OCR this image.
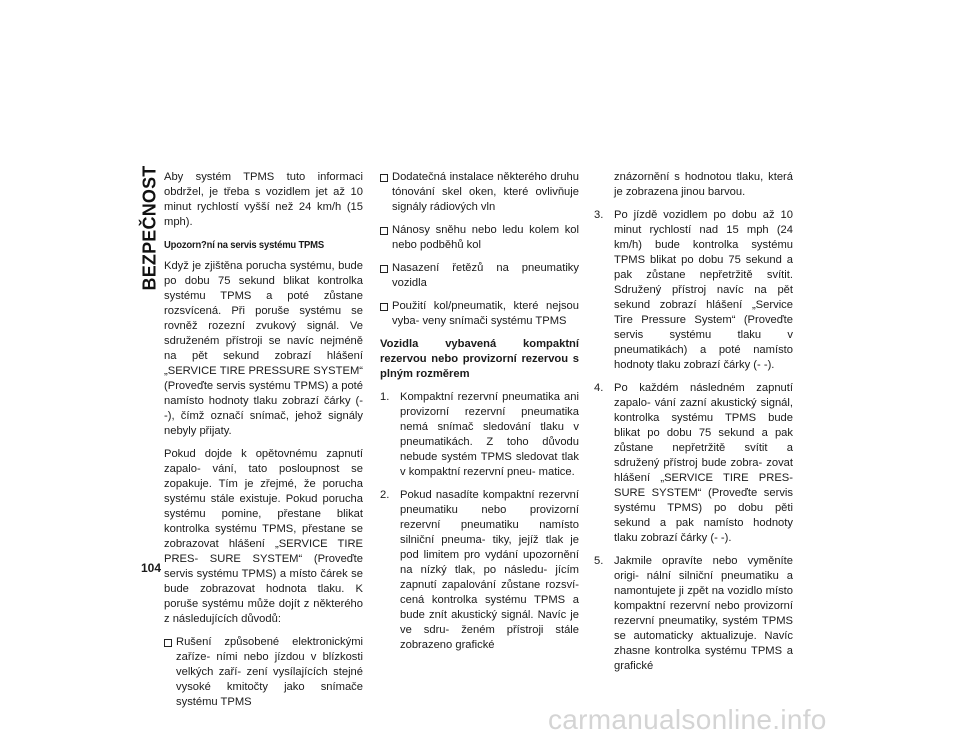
BEZPEČNOST
104

Aby systém TPMS tuto informaci obdržel, je třeba s vozidlem jet až 10 minut rychlostí vyšší než 24 km/h (15 mph).

Upozorn?ní na servis systému TPMS

Když je zjištěna porucha systému, bude po dobu 75 sekund blikat kontrolka systému TPMS a poté zůstane rozsvícená. Při poruše systému se rovněž rozezní zvukový signál. Ve sdruženém přístroji se navíc nejméně na pět sekund zobrazí hlášení „SERVICE TIRE PRESSURE SYSTEM“ (Proveďte servis systému TPMS) a poté namísto hodnoty tlaku zobrazí čárky (- -), čímž označí snímač, jehož signály nebyly přijaty.

Pokud dojde k opětovnému zapnutí zapalo- vání, tato posloupnost se zopakuje. Tím je zřejmé, že porucha systému stále existuje. Pokud porucha systému pomine, přestane blikat kontrolka systému TPMS, přestane se zobrazovat hlášení „SERVICE TIRE PRES- SURE SYSTEM“ (Proveďte servis systému TPMS) a místo čárek se bude zobrazovat hodnota tlaku. K poruše systému může dojít z některého z následujících důvodů:

Rušení způsobené elektronickými zaříze- ními nebo jízdou v blízkosti velkých zaří- zení vysílajících stejné vysoké kmitočty jako snímače systému TPMS
Dodatečná instalace některého druhu tónování skel oken, které ovlivňuje signály rádiových vln
Nánosy sněhu nebo ledu kolem kol nebo podběhů kol
Nasazení řetězů na pneumatiky vozidla
Použití kol/pneumatik, které nejsou vyba- veny snímači systému TPMS
Vozidla vybavená kompaktní rezervou nebo provizorní rezervou s plným rozměrem
1. Kompaktní rezervní pneumatika ani provizorní rezervní pneumatika nemá snímač sledování tlaku v pneumatikách. Z toho důvodu nebude systém TPMS sledovat tlak v kompaktní rezervní pneu- matice.
2. Pokud nasadíte kompaktní rezervní pneumatiku nebo provizorní rezervní pneumatiku namísto silniční pneuma- tiky, jejíž tlak je pod limitem pro vydání upozornění na nízký tlak, po následu- jícím zapnutí zapalování zůstane rozsví- cená kontrolka systému TPMS a bude znít akustický signál. Navíc je ve sdru- ženém přístroji stále zobrazeno grafické
znázornění s hodnotou tlaku, která je zobrazena jinou barvou.
3. Po jízdě vozidlem po dobu až 10 minut rychlostí nad 15 mph (24 km/h) bude kontrolka systému TPMS blikat po dobu 75 sekund a pak zůstane nepřetržitě svítit. Sdružený přístroj navíc na pět sekund zobrazí hlášení „Service Tire Pressure System“ (Proveďte servis systému tlaku v pneumatikách) a poté namísto hodnoty tlaku zobrazí čárky (- -).
4. Po každém následném zapnutí zapalo- vání zazní akustický signál, kontrolka systému TPMS bude blikat po dobu 75 sekund a pak zůstane nepřetržitě svítit a sdružený přístroj bude zobra- zovat hlášení „SERVICE TIRE PRES- SURE SYSTEM“ (Proveďte servis systému TPMS) po dobu pěti sekund a pak namísto hodnoty tlaku zobrazí čárky (- -).
5. Jakmile opravíte nebo vyměníte origi- nální silniční pneumatiku a namontujete ji zpět na vozidlo místo kompaktní rezervní nebo provizorní rezervní pneumatiky, systém TPMS se automaticky aktualizuje. Navíc zhasne kontrolka systému TPMS a grafické
carmanualsonline.info
